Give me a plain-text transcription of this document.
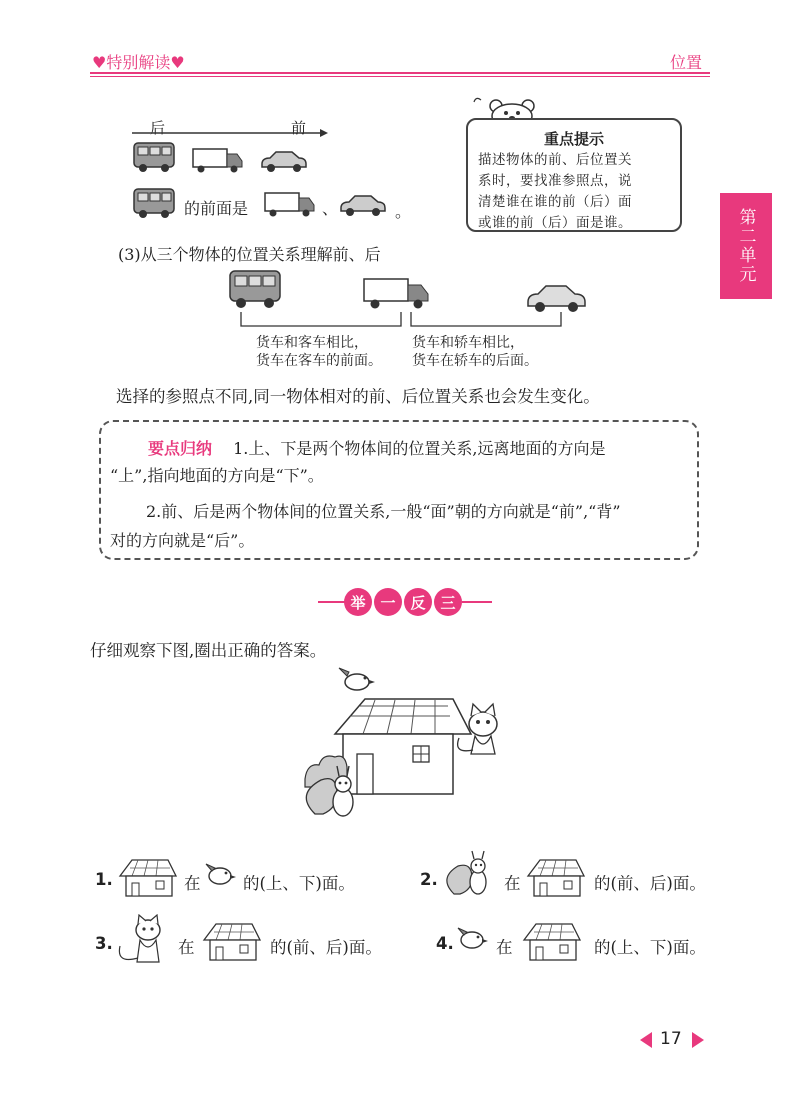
♥特别解读♥	位置
第二单元
后	前
的前面是	、	。
重点提示
描述物体的前、后位置关
系时，要找准参照点，说
清楚谁在谁的前（后）面
或谁的前（后）面是谁。
(3)从三个物体的位置关系理解前、后
货车和客车相比，
货车在客车的前面。
货车和轿车相比，
货车在轿车的后面。
选择的参照点不同,同一物体相对的前、后位置关系也会发生变化。
要点归纳 1.上、下是两个物体间的位置关系,远离地面的方向是
“上”,指向地面的方向是“下”。
2.前、后是两个物体间的位置关系,一般“面”朝的方向就是“前”,“背”
对的方向就是“后”。
举 一 反 三
仔细观察下图,圈出正确的答案。
1.	在	的(上、下)面。	2.	在	的(前、后)面。
3.	在	的(前、后)面。	4.	在	的(上、下)面。
17
